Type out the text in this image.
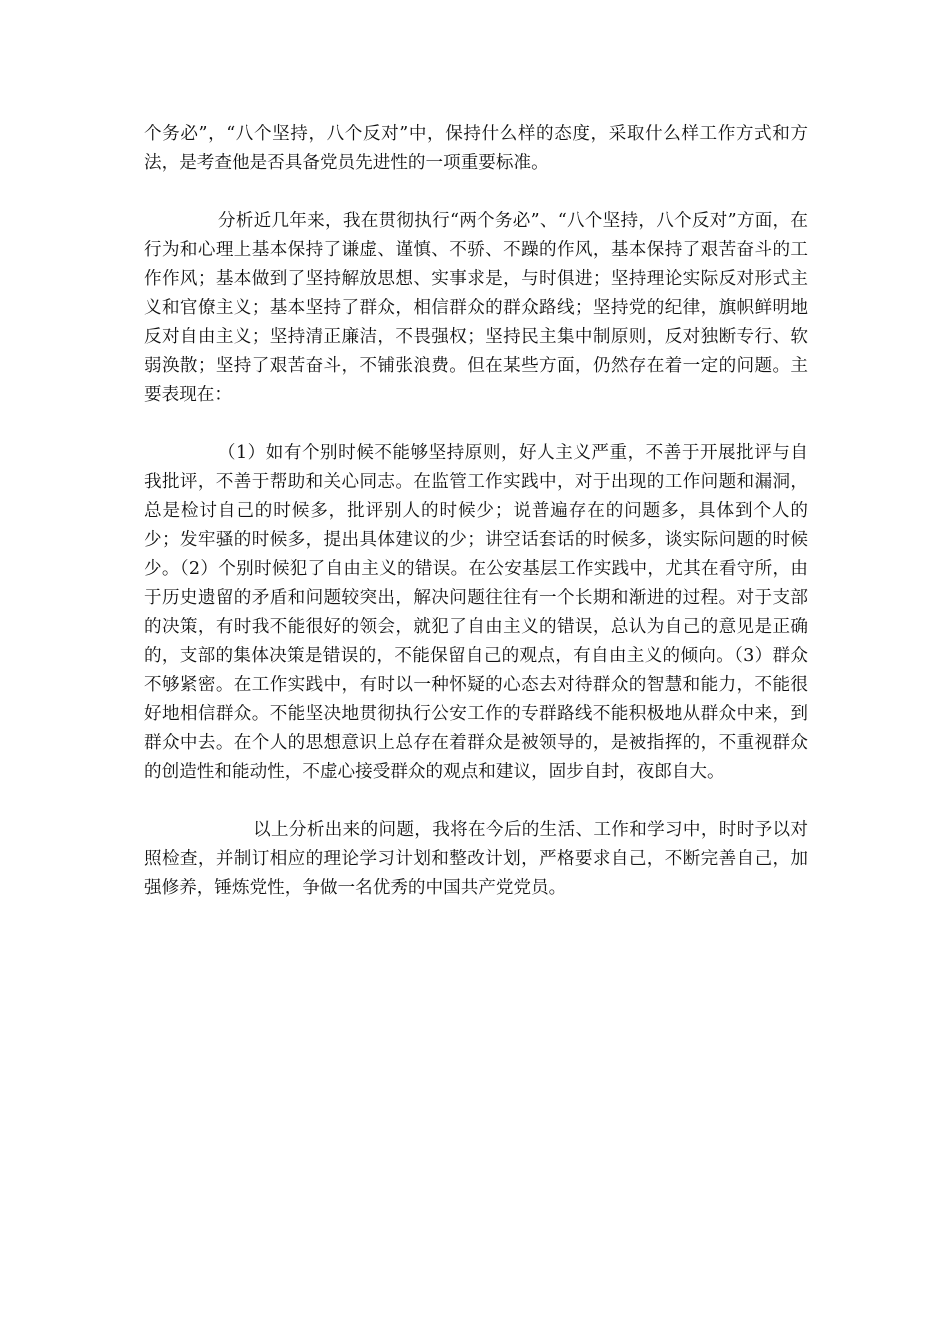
个务必”，“八个坚持，八个反对”中，保持什么样的态度，采取什么样工作方式和方法，是考查他是否具备党员先进性的一项重要标准。

分析近几年来，我在贯彻执行“两个务必”、“八个坚持，八个反对”方面，在行为和心理上基本保持了谦虚、谨慎、不骄、不躁的作风，基本保持了艰苦奋斗的工作作风；基本做到了坚持解放思想、实事求是，与时俱进；坚持理论实际反对形式主义和官僚主义；基本坚持了群众，相信群众的群众路线；坚持党的纪律，旗帜鲜明地反对自由主义；坚持清正廉洁，不畏强权；坚持民主集中制原则，反对独断专行、软弱涣散；坚持了艰苦奋斗，不铺张浪费。但在某些方面，仍然存在着一定的问题。主要表现在：

（1）如有个别时候不能够坚持原则，好人主义严重，不善于开展批评与自我批评，不善于帮助和关心同志。在监管工作实践中，对于出现的工作问题和漏洞，总是检讨自己的时候多，批评别人的时候少；说普遍存在的问题多，具体到个人的少；发牢骚的时候多，提出具体建议的少；讲空话套话的时候多，谈实际问题的时候少。（2）个别时候犯了自由主义的错误。在公安基层工作实践中，尤其在看守所，由于历史遗留的矛盾和问题较突出，解决问题往往有一个长期和渐进的过程。对于支部的决策，有时我不能很好的领会，就犯了自由主义的错误，总认为自己的意见是正确的，支部的集体决策是错误的，不能保留自己的观点，有自由主义的倾向。（3）群众不够紧密。在工作实践中，有时以一种怀疑的心态去对待群众的智慧和能力，不能很好地相信群众。不能坚决地贯彻执行公安工作的专群路线不能积极地从群众中来，到群众中去。在个人的思想意识上总存在着群众是被领导的，是被指挥的，不重视群众的创造性和能动性，不虚心接受群众的观点和建议，固步自封，夜郎自大。

以上分析出来的问题，我将在今后的生活、工作和学习中，时时予以对照检查，并制订相应的理论学习计划和整改计划，严格要求自己，不断完善自己，加强修养，锤炼党性，争做一名优秀的中国共产党党员。
